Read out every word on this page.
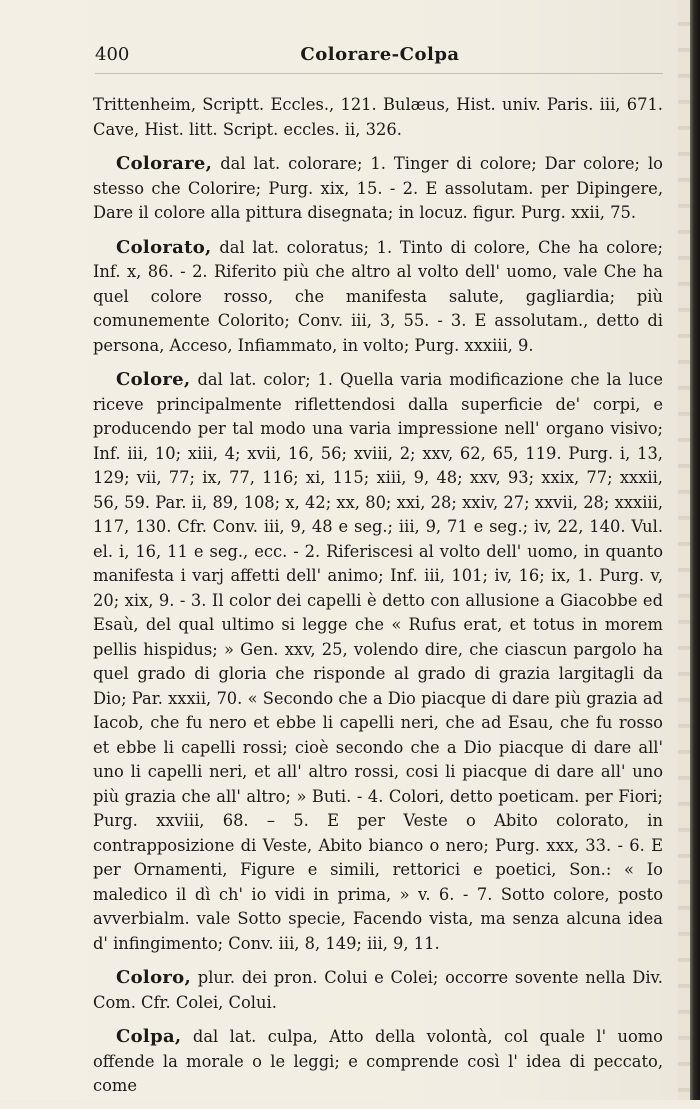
400	Colorare-Colpa

Trittenheim, Scriptt. Eccles., 121. Bulæus, Hist. univ. Paris. iii, 671. Cave, Hist. litt. Script. eccles. ii, 326.

Colorare, dal lat. colorare; 1. Tinger di colore; Dar colore; lo stesso che Colorire; Purg. xix, 15. - 2. E assolutam. per Dipingere, Dare il colore alla pittura disegnata; in locuz. figur. Purg. xxii, 75.

Colorato, dal lat. coloratus; 1. Tinto di colore, Che ha colore; Inf. x, 86. - 2. Riferito più che altro al volto dell' uomo, vale Che ha quel colore rosso, che manifesta salute, gagliardia; più comunemente Colorito; Conv. iii, 3, 55. - 3. E assolutam., detto di persona, Acceso, Infiammato, in volto; Purg. xxxiii, 9.

Colore, dal lat. color; 1. Quella varia modificazione che la luce riceve principalmente riflettendosi dalla superficie de' corpi, e producendo per tal modo una varia impressione nell' organo visivo; Inf. iii, 10; xiii, 4; xvii, 16, 56; xviii, 2; xxv, 62, 65, 119. Purg. i, 13, 129; vii, 77; ix, 77, 116; xi, 115; xiii, 9, 48; xxv, 93; xxix, 77; xxxii, 56, 59. Par. ii, 89, 108; x, 42; xx, 80; xxi, 28; xxiv, 27; xxvii, 28; xxxiii, 117, 130. Cfr. Conv. iii, 9, 48 e seg.; iii, 9, 71 e seg.; iv, 22, 140. Vul. el. i, 16, 11 e seg., ecc. - 2. Riferiscesi al volto dell' uomo, in quanto manifesta i varj affetti dell' animo; Inf. iii, 101; iv, 16; ix, 1. Purg. v, 20; xix, 9. - 3. Il color dei capelli è detto con allusione a Giacobbe ed Esaù, del qual ultimo si legge che « Rufus erat, et totus in morem pellis hispidus; » Gen. xxv, 25, volendo dire, che ciascun pargolo ha quel grado di gloria che risponde al grado di grazia largitagli da Dio; Par. xxxii, 70. « Secondo che a Dio piacque di dare più grazia ad Iacob, che fu nero et ebbe li capelli neri, che ad Esau, che fu rosso et ebbe li capelli rossi; cioè secondo che a Dio piacque di dare all' uno li capelli neri, et all' altro rossi, cosi li piacque di dare all' uno più grazia che all' altro; » Buti. - 4. Colori, detto poeticam. per Fiori; Purg. xxviii, 68. – 5. E per Veste o Abito colorato, in contrapposizione di Veste, Abito bianco o nero; Purg. xxx, 33. - 6. E per Ornamenti, Figure e simili, rettorici e poetici, Son.: « Io maledico il dì ch' io vidi in prima, » v. 6. - 7. Sotto colore, posto avverbialm. vale Sotto specie, Facendo vista, ma senza alcuna idea d' infingimento; Conv. iii, 8, 149; iii, 9, 11.

Coloro, plur. dei pron. Colui e Colei; occorre sovente nella Div. Com. Cfr. Colei, Colui.

Colpa, dal lat. culpa, Atto della volontà, col quale l' uomo offende la morale o le leggi; e comprende così l' idea di peccato, come
